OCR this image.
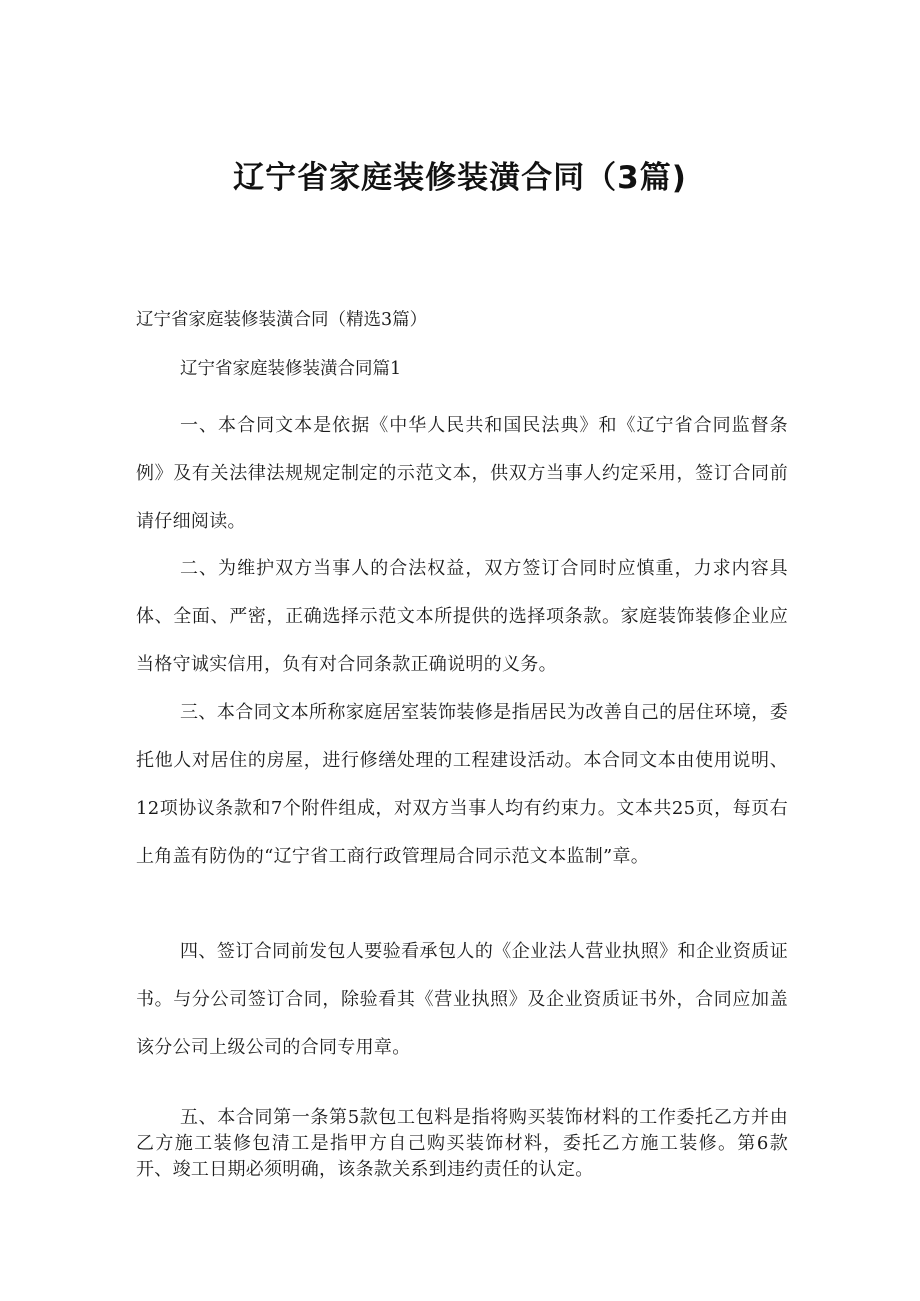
辽宁省家庭装修装潢合同（3篇)
辽宁省家庭装修装潢合同（精选3篇）
辽宁省家庭装修装潢合同篇1

一、本合同文本是依据《中华人民共和国民法典》和《辽宁省合同监督条例》及有关法律法规规定制定的示范文本，供双方当事人约定采用，签订合同前请仔细阅读。

二、为维护双方当事人的合法权益，双方签订合同时应慎重，力求内容具体、全面、严密，正确选择示范文本所提供的选择项条款。家庭装饰装修企业应当格守诚实信用，负有对合同条款正确说明的义务。

三、本合同文本所称家庭居室装饰装修是指居民为改善自己的居住环境，委托他人对居住的房屋，进行修缮处理的工程建设活动。本合同文本由使用说明、12项协议条款和7个附件组成，对双方当事人均有约束力。文本共25页，每页右上角盖有防伪的“辽宁省工商行政管理局合同示范文本监制”章。

四、签订合同前发包人要验看承包人的《企业法人营业执照》和企业资质证书。与分公司签订合同，除验看其《营业执照》及企业资质证书外，合同应加盖该分公司上级公司的合同专用章。

五、本合同第一条第5款包工包料是指将购买装饰材料的工作委托乙方并由乙方施工装修包清工是指甲方自己购买装饰材料，委托乙方施工装修。第6款开、竣工日期必须明确，该条款关系到违约责任的认定。
